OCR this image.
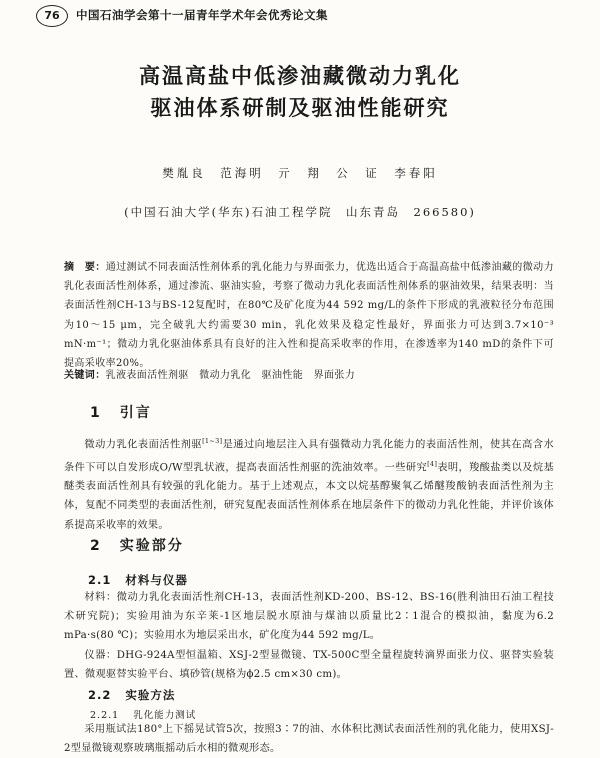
76	中国石油学会第十一届青年学术年会优秀论文集
高温高盐中低渗油藏微动力乳化
驱油体系研制及驱油性能研究
樊胤良　范海明　亓　翔　公　证　李春阳
(中国石油大学(华东)石油工程学院　山东青岛　266580)
摘　要：通过测试不同表面活性剂体系的乳化能力与界面张力，优选出适合于高温高盐中低渗油藏的微动力乳化表面活性剂体系，通过渗流、驱油实验，考察了微动力乳化表面活性剂体系的驱油效果，结果表明：当表面活性剂CH-13与BS-12复配时，在80℃及矿化度为44 592 mg/L的条件下形成的乳液粒径分布范围为10～15 μm，完全破乳大约需要30 min，乳化效果及稳定性最好，界面张力可达到3.7×10⁻³ mN·m⁻¹；微动力乳化驱油体系具有良好的注入性和提高采收率的作用，在渗透率为140 mD的条件下可提高采收率20%。
关键词：乳液表面活性剂驱　微动力乳化　驱油性能　界面张力
1 引言
微动力乳化表面活性剂驱[1~3]是通过向地层注入具有强微动力乳化能力的表面活性剂，使其在高含水条件下可以自发形成O/W型乳状液，提高表面活性剂驱的洗油效率。一些研究[4]表明，羧酸盐类以及烷基醚类表面活性剂具有较强的乳化能力。基于上述观点，本文以烷基醇聚氧乙烯醚羧酸钠表面活性剂为主体，复配不同类型的表面活性剂，研究复配表面活性剂体系在地层条件下的微动力乳化性能，并评价该体系提高采收率的效果。
2 实验部分
2.1 材料与仪器
材料：微动力乳化表面活性剂CH-13，表面活性剂KD-200、BS-12、BS-16(胜利油田石油工程技术研究院)；实验用油为东辛莱-1区地层脱水原油与煤油以质量比2∶1混合的模拟油，黏度为6.2 mPa·s(80 ℃)；实验用水为地层采出水，矿化度为44 592 mg/L。
仪器：DHG-924A型恒温箱、XSJ-2型显微镜、TX-500C型全量程旋转滴界面张力仪、驱替实验装置、微观驱替实验平台、填砂管(规格为ϕ2.5 cm×30 cm)。
2.2 实验方法
2.2.1 乳化能力测试
采用瓶试法180°上下摇晃试管5次，按照3∶7的油、水体积比测试表面活性剂的乳化能力，使用XSJ-2型显微镜观察玻璃瓶摇动后水相的微观形态。
